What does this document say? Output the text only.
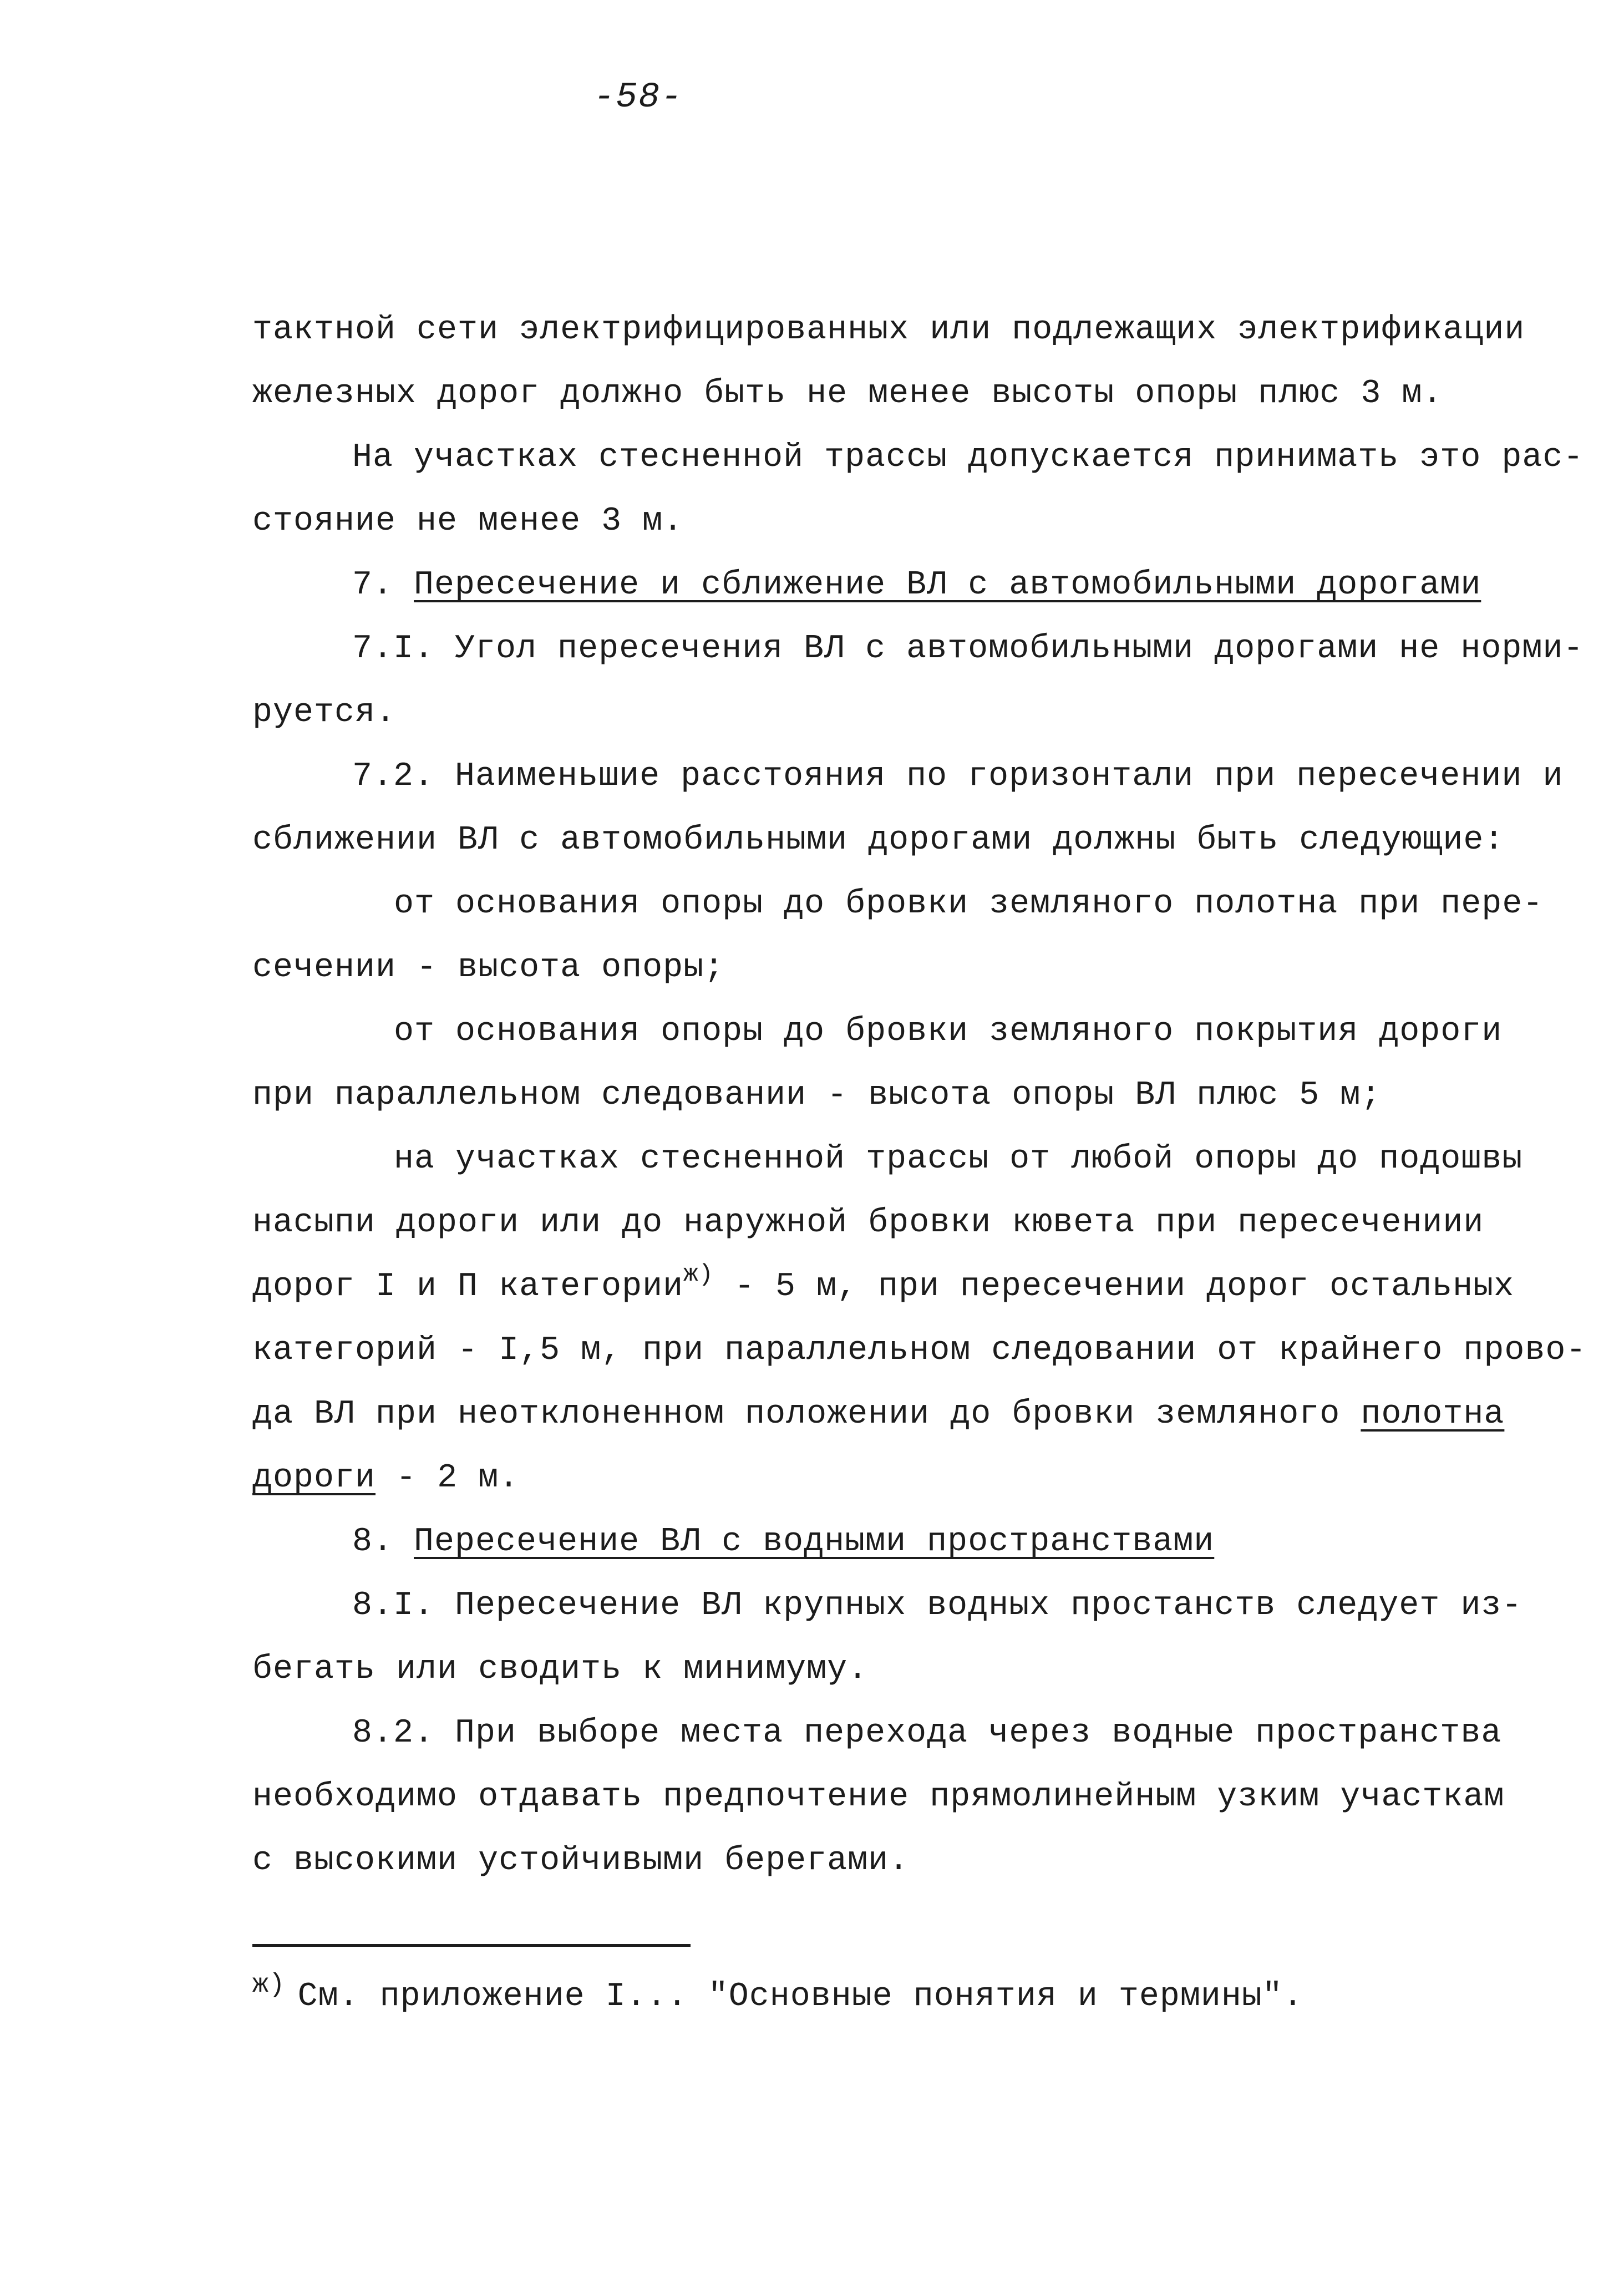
-58-
тактной сети электрифицированных или подлежащих электрификации
железных дорог должно быть не менее высоты опоры плюс 3 м.
На участках стесненной трассы допускается принимать это рас-
стояние не менее 3 м.
7. Пересечение и сближение ВЛ с автомобильными дорогами
7.I. Угол пересечения ВЛ с автомобильными дорогами не норми-
руется.
7.2. Наименьшие расстояния по горизонтали при пересечении и
сближении ВЛ с автомобильными дорогами должны быть следующие:
от основания опоры до бровки земляного полотна при пере-
сечении - высота опоры;
от основания опоры до бровки земляного покрытия дороги
при параллельном следовании - высота опоры ВЛ плюс 5 м;
на участках стесненной трассы от любой опоры до подошвы
насыпи дороги или до наружной бровки кювета при пересечениии
дорог I и П категории$^{ж)}$ - 5 м, при пересечении дорог остальных
категорий - I,5 м, при параллельном следовании от крайнего прово-
да ВЛ при неотклоненном положении до бровки земляного полотна
дороги - 2 м.
8. Пересечение ВЛ с водными пространствами
8.I. Пересечение ВЛ крупных водных простанств следует из-
бегать или сводить к минимуму.
8.2. При выборе места перехода через водные пространства
необходимо отдавать предпочтение прямолинейным узким участкам
с высокими устойчивыми берегами.
$^{ж)}$ См. приложение I... "Основные понятия и термины".
